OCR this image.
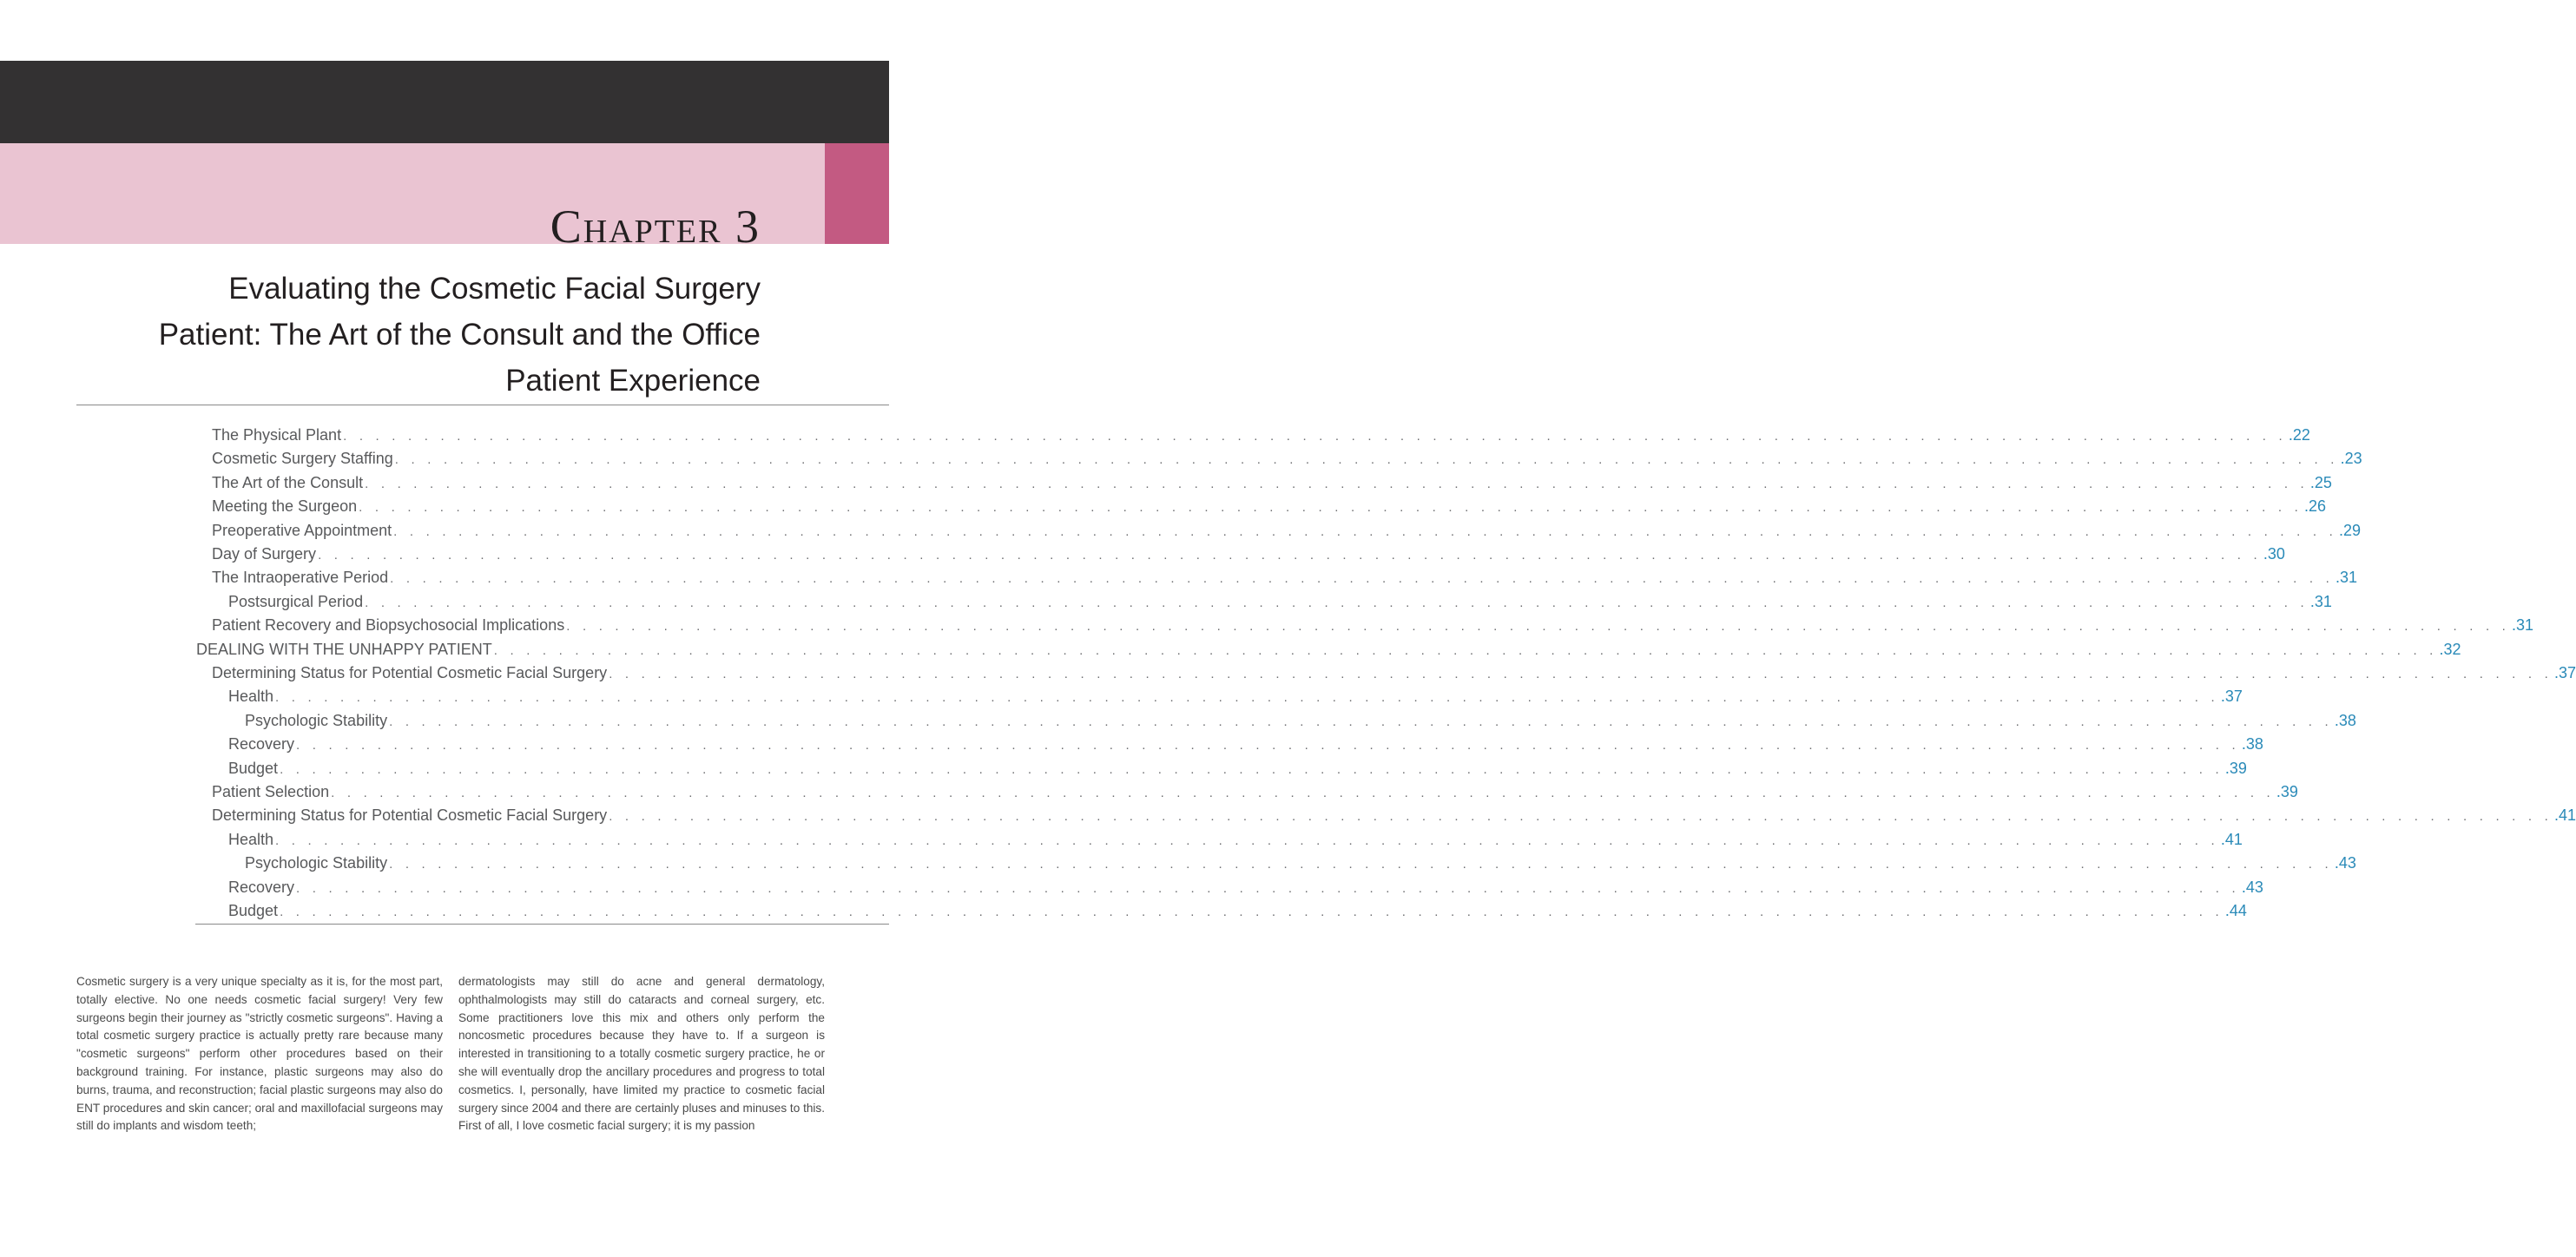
Chapter 3
Evaluating the Cosmetic Facial Surgery Patient: The Art of the Consult and the Office Patient Experience
The Physical Plant . . . . . . . . . . . . . . . . . . . . . . . . . . . . . . . . . . . . . . . . . . . . . . . . . . . . . . . . . . . . . . . . . . . . . . . . . . . . . . . . . . . . . . . . . . . . . . . . . . . . . . . . . . . . . . . . . . . . . . . . .22
Cosmetic Surgery Staffing . . . . . . . . . . . . . . . . . . . . . . . . . . . . . . . . . . . . . . . . . . . . . . . . . . . . . . . . . . . . . . . . . . . . . . . . . . . . . . . . . . . . . . . . . . . . . . . . . . . . . . . . . . . . . . . . . . . . . . . . .23
The Art of the Consult . . . . . . . . . . . . . . . . . . . . . . . . . . . . . . . . . . . . . . . . . . . . . . . . . . . . . . . . . . . . . . . . . . . . . . . . . . . . . . . . . . . . . . . . . . . . . . . . . . . . . . . . . . . . . . . . . . . . . . . . .25
Meeting the Surgeon . . . . . . . . . . . . . . . . . . . . . . . . . . . . . . . . . . . . . . . . . . . . . . . . . . . . . . . . . . . . . . . . . . . . . . . . . . . . . . . . . . . . . . . . . . . . . . . . . . . . . . . . . . . . . . . . . . . . . . . . .26
Preoperative Appointment . . . . . . . . . . . . . . . . . . . . . . . . . . . . . . . . . . . . . . . . . . . . . . . . . . . . . . . . . . . . . . . . . . . . . . . . . . . . . . . . . . . . . . . . . . . . . . . . . . . . . . . . . . . . . . . . . . . . . . . . .29
Day of Surgery . . . . . . . . . . . . . . . . . . . . . . . . . . . . . . . . . . . . . . . . . . . . . . . . . . . . . . . . . . . . . . . . . . . . . . . . . . . . . . . . . . . . . . . . . . . . . . . . . . . . . . . . . . . . . . . . . . . . . . . . .30
The Intraoperative Period . . . . . . . . . . . . . . . . . . . . . . . . . . . . . . . . . . . . . . . . . . . . . . . . . . . . . . . . . . . . . . . . . . . . . . . . . . . . . . . . . . . . . . . . . . . . . . . . . . . . . . . . . . . . . . . . . . . . . . . . .31
Postsurgical Period . . . . . . . . . . . . . . . . . . . . . . . . . . . . . . . . . . . . . . . . . . . . . . . . . . . . . . . . . . . . . . . . . . . . . . . . . . . . . . . . . . . . . . . . . . . . . . . . . . . . . . . . . . . . . . . . . . . . . . . . .31
Patient Recovery and Biopsychosocial Implications . . . . . . . . . . . . . . . . . . . . . . . . . . . . . . . . . . . . . . . . . . . . . . . . . . . . . . . . . . . . . . . . . . . . . . . . . . . . . . . . . . . . . . . . . . . . . . . . . . . . . . . . . . . . . . . . . . . . . . . . .31
DEALING WITH THE UNHAPPY PATIENT . . . . . . . . . . . . . . . . . . . . . . . . . . . . . . . . . . . . . . . . . . . . . . . . . . . . . . . . . . . . . . . . . . . . . . . . . . . . . . . . . . . . . . . . . . . . . . . . . . . . . . . . . . . . . . . . . . . . . . . . .32
Determining Status for Potential Cosmetic Facial Surgery . . . . . . . . . . . . . . . . . . . . . . . . . . . . . . . . . . . . . . . . . . . . . . . . . . . . . . . . . . . . . . . . . . . . . . . . . . . . . . . . . . . . . . . . . . . . . . . . . . . . . . . . . . . . . . . . . . . . . . . . .37
Health . . . . . . . . . . . . . . . . . . . . . . . . . . . . . . . . . . . . . . . . . . . . . . . . . . . . . . . . . . . . . . . . . . . . . . . . . . . . . . . . . . . . . . . . . . . . . . . . . . . . . . . . . . . . . . . . . . . . . . . . .37
Psychologic Stability . . . . . . . . . . . . . . . . . . . . . . . . . . . . . . . . . . . . . . . . . . . . . . . . . . . . . . . . . . . . . . . . . . . . . . . . . . . . . . . . . . . . . . . . . . . . . . . . . . . . . . . . . . . . . . . . . . . . . . . . .38
Recovery . . . . . . . . . . . . . . . . . . . . . . . . . . . . . . . . . . . . . . . . . . . . . . . . . . . . . . . . . . . . . . . . . . . . . . . . . . . . . . . . . . . . . . . . . . . . . . . . . . . . . . . . . . . . . . . . . . . . . . . . .38
Budget . . . . . . . . . . . . . . . . . . . . . . . . . . . . . . . . . . . . . . . . . . . . . . . . . . . . . . . . . . . . . . . . . . . . . . . . . . . . . . . . . . . . . . . . . . . . . . . . . . . . . . . . . . . . . . . . . . . . . . . . .39
Patient Selection . . . . . . . . . . . . . . . . . . . . . . . . . . . . . . . . . . . . . . . . . . . . . . . . . . . . . . . . . . . . . . . . . . . . . . . . . . . . . . . . . . . . . . . . . . . . . . . . . . . . . . . . . . . . . . . . . . . . . . . . .39
Determining Status for Potential Cosmetic Facial Surgery . . . . . . . . . . . . . . . . . . . . . . . . . . . . . . . . . . . . . . . . . . . . . . . . . . . . . . . . . . . . . . . . . . . . . . . . . . . . . . . . . . . . . . . . . . . . . . . . . . . . . . . . . . . . . . . . . . . . . . . . .41
Health . . . . . . . . . . . . . . . . . . . . . . . . . . . . . . . . . . . . . . . . . . . . . . . . . . . . . . . . . . . . . . . . . . . . . . . . . . . . . . . . . . . . . . . . . . . . . . . . . . . . . . . . . . . . . . . . . . . . . . . . .41
Psychologic Stability . . . . . . . . . . . . . . . . . . . . . . . . . . . . . . . . . . . . . . . . . . . . . . . . . . . . . . . . . . . . . . . . . . . . . . . . . . . . . . . . . . . . . . . . . . . . . . . . . . . . . . . . . . . . . . . . . . . . . . . . .43
Recovery . . . . . . . . . . . . . . . . . . . . . . . . . . . . . . . . . . . . . . . . . . . . . . . . . . . . . . . . . . . . . . . . . . . . . . . . . . . . . . . . . . . . . . . . . . . . . . . . . . . . . . . . . . . . . . . . . . . . . . . . .43
Budget . . . . . . . . . . . . . . . . . . . . . . . . . . . . . . . . . . . . . . . . . . . . . . . . . . . . . . . . . . . . . . . . . . . . . . . . . . . . . . . . . . . . . . . . . . . . . . . . . . . . . . . . . . . . . . . . . . . . . . . . .44
Cosmetic surgery is a very unique specialty as it is, for the most part, totally elective. No one needs cosmetic facial surgery! Very few surgeons begin their journey as "strictly cosmetic surgeons". Having a total cosmetic surgery practice is actually pretty rare because many "cosmetic surgeons" perform other procedures based on their background training. For instance, plastic surgeons may also do burns, trauma, and reconstruction; facial plastic surgeons may also do ENT procedures and skin cancer; oral and maxillofacial surgeons may still do implants and wisdom teeth;
dermatologists may still do acne and general dermatology, ophthalmologists may still do cataracts and corneal surgery, etc. Some practitioners love this mix and others only perform the noncosmetic procedures because they have to. If a surgeon is interested in transitioning to a totally cosmetic surgery practice, he or she will eventually drop the ancillary procedures and progress to total cosmetics. I, personally, have limited my practice to cosmetic facial surgery since 2004 and there are certainly pluses and minuses to this. First of all, I love cosmetic facial surgery; it is my passion
